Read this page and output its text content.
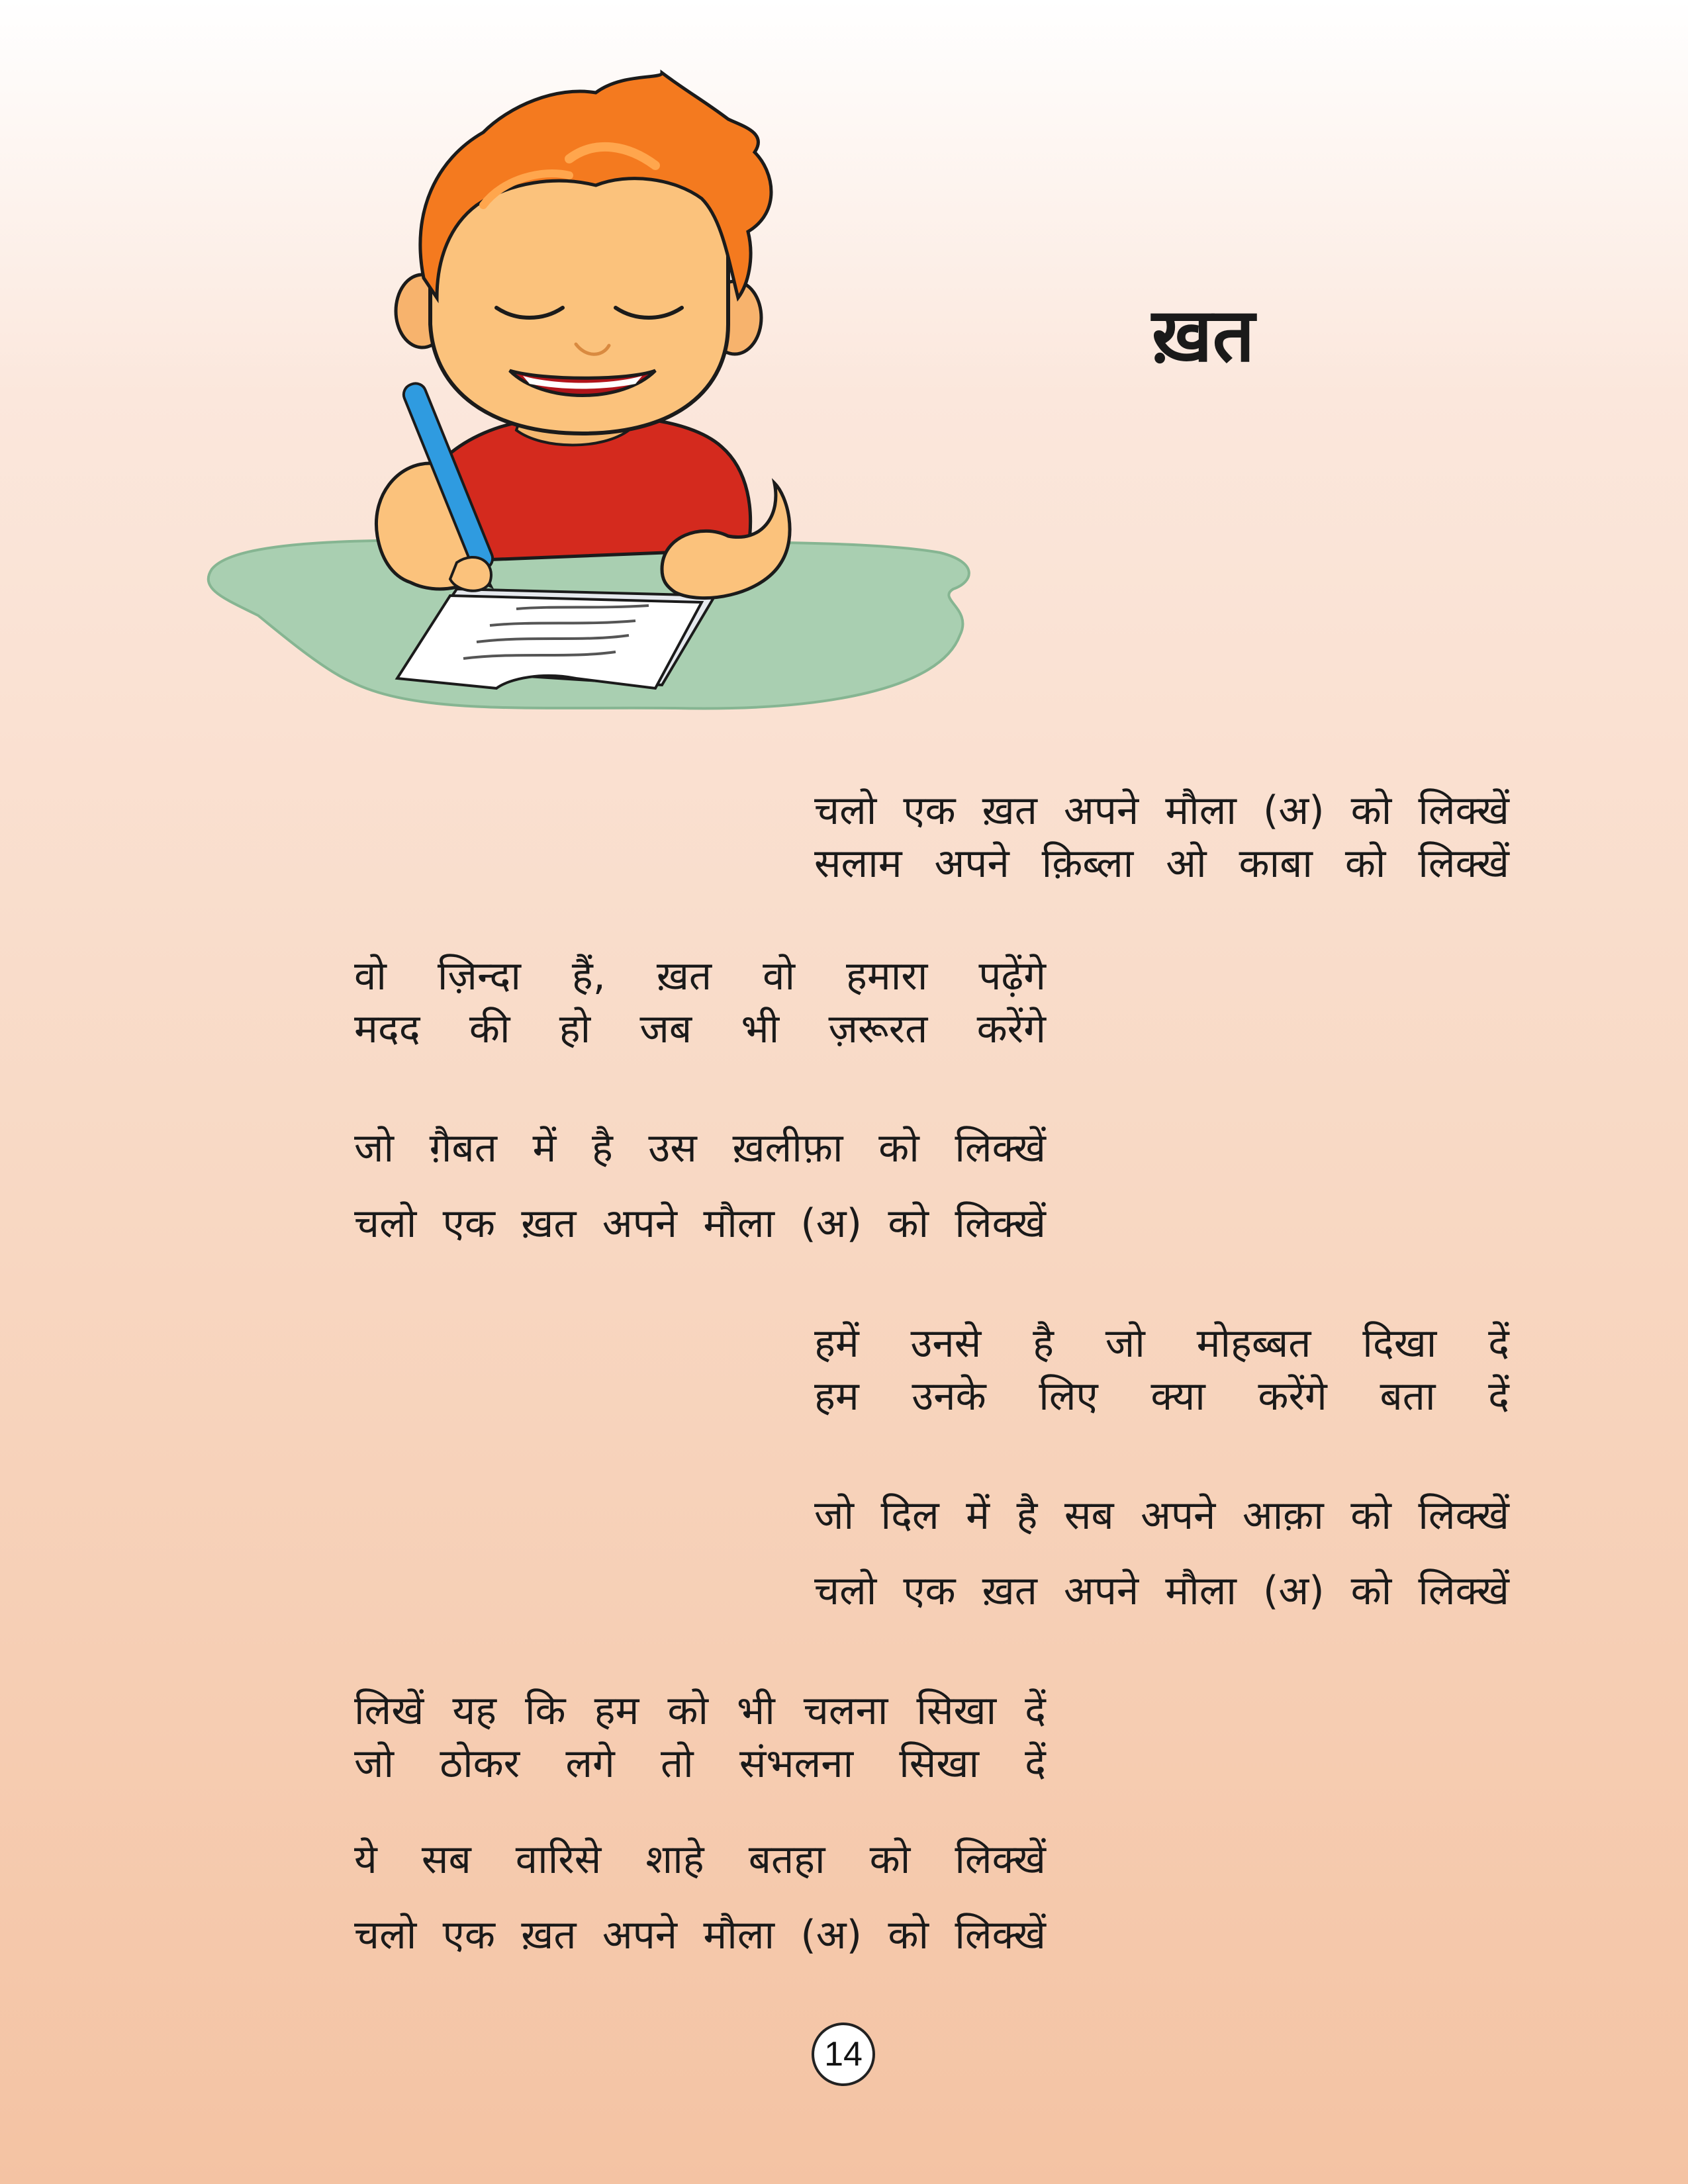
ख़त
चलो एक ख़त अपने मौला (अ) को लिक्खें
सलाम अपने क़िब्ला ओ काबा को लिक्खें
वो ज़िन्दा हैं, ख़त वो हमारा पढ़ेंगे
मदद की हो जब भी ज़रूरत करेंगे
जो ग़ैबत में है उस ख़लीफ़ा को लिक्खें
चलो एक ख़त अपने मौला (अ) को लिक्खें
हमें उनसे है जो मोहब्बत दिखा दें
हम उनके लिए क्या करेंगे बता दें
जो दिल में है सब अपने आक़ा को लिक्खें
चलो एक ख़त अपने मौला (अ) को लिक्खें
लिखें यह कि हम को भी चलना सिखा दें
जो ठोकर लगे तो संभलना सिखा दें
ये सब वारिसे शाहे बतहा को लिक्खें
चलो एक ख़त अपने मौला (अ) को लिक्खें
14
